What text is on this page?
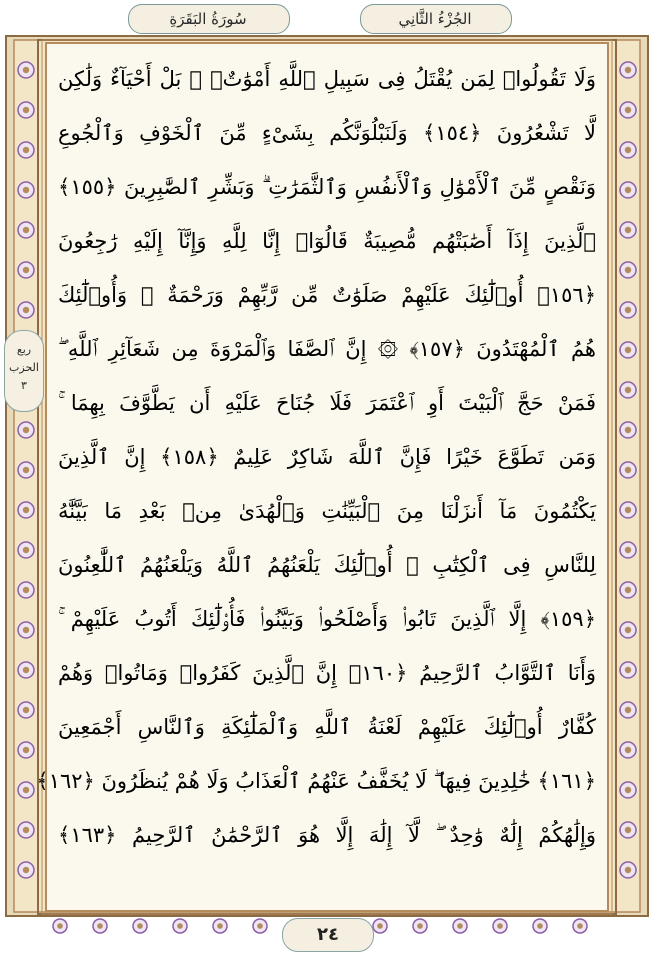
الجُزْءُ الثَّانِي
سُورَةُ البَقَرَةِ
ربع
الحزب
٣
وَلَا تَقُولُوا۟ لِمَن يُقْتَلُ فِى سَبِيلِ ٱللَّهِ أَمْوَٰتٌۢ ۚ بَلْ أَحْيَآءٌ وَلَٰكِن
لَّا تَشْعُرُونَ ﴿١٥٤﴾ وَلَنَبْلُوَنَّكُم بِشَىْءٍ مِّنَ ٱلْخَوْفِ وَٱلْجُوعِ
وَنَقْصٍ مِّنَ ٱلْأَمْوَٰلِ وَٱلْأَنفُسِ وَٱلثَّمَرَٰتِ ۗ وَبَشِّرِ ٱلصَّٰبِرِينَ ﴿١٥٥﴾
ٱلَّذِينَ إِذَآ أَصَٰبَتْهُم مُّصِيبَةٌ قَالُوٓا۟ إِنَّا لِلَّهِ وَإِنَّآ إِلَيْهِ رَٰجِعُونَ
﴿١٥٦﴾ أُو۟لَٰٓئِكَ عَلَيْهِمْ صَلَوَٰتٌ مِّن رَّبِّهِمْ وَرَحْمَةٌ ۖ وَأُو۟لَٰٓئِكَ
هُمُ ٱلْمُهْتَدُونَ ﴿١٥٧﴾ ۞ إِنَّ ٱلصَّفَا وَٱلْمَرْوَةَ مِن شَعَآئِرِ ٱللَّهِ ۖ
فَمَنْ حَجَّ ٱلْبَيْتَ أَوِ ٱعْتَمَرَ فَلَا جُنَاحَ عَلَيْهِ أَن يَطَّوَّفَ بِهِمَا ۚ
وَمَن تَطَوَّعَ خَيْرًا فَإِنَّ ٱللَّهَ شَاكِرٌ عَلِيمٌ ﴿١٥٨﴾ إِنَّ ٱلَّذِينَ
يَكْتُمُونَ مَآ أَنزَلْنَا مِنَ ٱلْبَيِّنَٰتِ وَٱلْهُدَىٰ مِنۢ بَعْدِ مَا بَيَّنَّٰهُ
لِلنَّاسِ فِى ٱلْكِتَٰبِ ۙ أُو۟لَٰٓئِكَ يَلْعَنُهُمُ ٱللَّهُ وَيَلْعَنُهُمُ ٱللَّٰعِنُونَ
﴿١٥٩﴾ إِلَّا ٱلَّذِينَ تَابُوا۟ وَأَصْلَحُوا۟ وَبَيَّنُوا۟ فَأُو۟لَٰٓئِكَ أَتُوبُ عَلَيْهِمْ ۚ
وَأَنَا ٱلتَّوَّابُ ٱلرَّحِيمُ ﴿١٦٠﴾ إِنَّ ٱلَّذِينَ كَفَرُوا۟ وَمَاتُوا۟ وَهُمْ
كُفَّارٌ أُو۟لَٰٓئِكَ عَلَيْهِمْ لَعْنَةُ ٱللَّهِ وَٱلْمَلَٰٓئِكَةِ وَٱلنَّاسِ أَجْمَعِينَ
﴿١٦١﴾ خَٰلِدِينَ فِيهَا ۖ لَا يُخَفَّفُ عَنْهُمُ ٱلْعَذَابُ وَلَا هُمْ يُنظَرُونَ ﴿١٦٢﴾
وَإِلَٰهُكُمْ إِلَٰهٌ وَٰحِدٌ ۖ لَّآ إِلَٰهَ إِلَّا هُوَ ٱلرَّحْمَٰنُ ٱلرَّحِيمُ ﴿١٦٣﴾
٢٤
